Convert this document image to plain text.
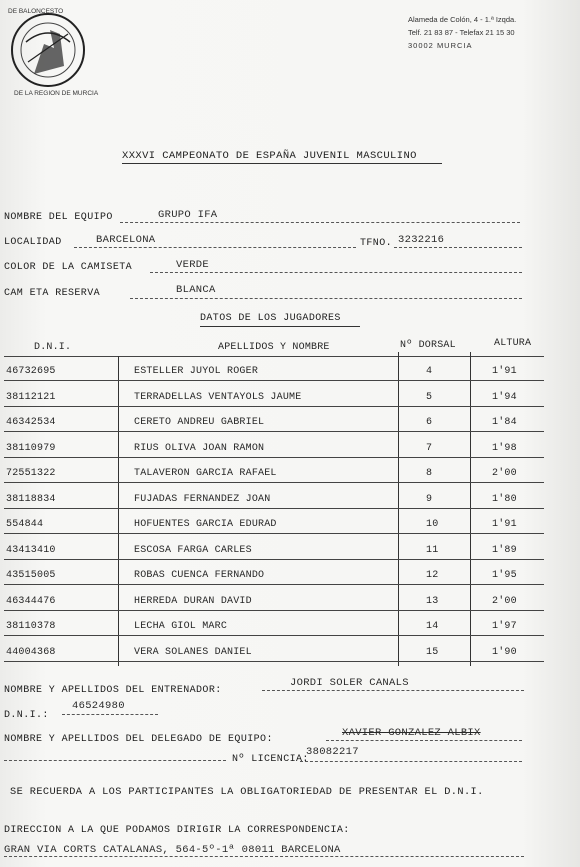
DE BALONCESTO
DE LA REGION DE MURCIA
Alameda de Colón, 4 - 1.ª Izqda.
Telf. 21 83 87 - Telefax 21 15 30
30002 MURCIA
XXXVI CAMPEONATO DE ESPAÑA JUVENIL MASCULINO
NOMBRE DEL EQUIPO	GRUPO IFA
LOCALIDAD	BARCELONA	TFNO. 3232216
COLOR DE LA CAMISETA	VERDE
CAM ETA RESERVA	BLANCA
DATOS DE LOS JUGADORES
D.N.I.	APELLIDOS Y NOMBRE	Nº DORSAL	ALTURA
46732695	ESTELLER JUYOL ROGER	4	1'91
38112121	TERRADELLAS VENTAYOLS JAUME	5	1'94
46342534	CERETO ANDREU GABRIEL	6	1'84
38110979	RIUS OLIVA JOAN RAMON	7	1'98
72551322	TALAVERON GARCIA RAFAEL	8	2'00
38118834	FUJADAS FERNANDEZ JOAN	9	1'80
554844	HOFUENTES GARCIA EDURAD	10	1'91
43413410	ESCOSA FARGA CARLES	11	1'89
43515005	ROBAS CUENCA FERNANDO	12	1'95
46344476	HERREDA DURAN DAVID	13	2'00
38110378	LECHA GIOL MARC	14	1'97
44004368	VERA SOLANES DANIEL	15	1'90
NOMBRE Y APELLIDOS DEL ENTRENADOR:
JORDI SOLER CANALS
D.N.I.:
46524980
NOMBRE Y APELLIDOS DEL DELEGADO DE EQUIPO:
XAVIER GONZALEZ ALBIX
Nº LICENCIA:
38082217
SE RECUERDA A LOS PARTICIPANTES LA OBLIGATORIEDAD DE PRESENTAR EL D.N.I.
DIRECCION A LA QUE PODAMOS DIRIGIR LA CORRESPONDENCIA:
GRAN VIA CORTS CATALANAS, 564-5º-1ª 08011 BARCELONA
